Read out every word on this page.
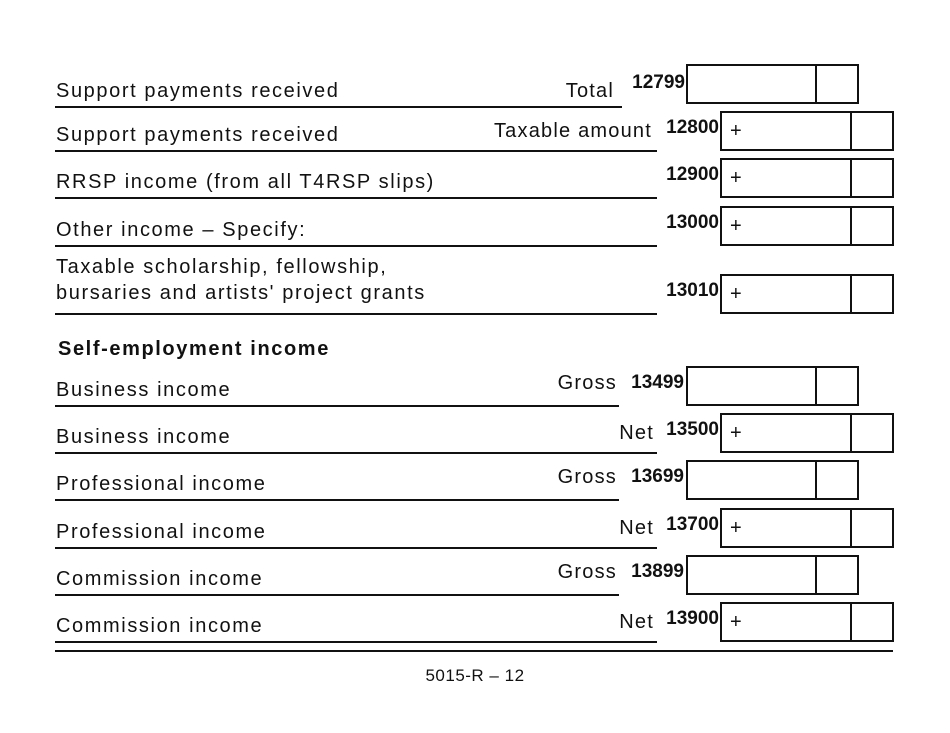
Support payments received	Total 12799
Support payments received	Taxable amount 12800 +
RRSP income (from all T4RSP slips)	12900 +
Other income – Specify:	13000 +
Taxable scholarship, fellowship,
bursaries and artists' project grants	13010 +
Business income	Gross 13499
Business income	Net 13500 +
Professional income	Gross 13699
Professional income	Net 13700 +
Commission income	Gross 13899
Commission income	Net 13900 +
Self-employment income
5015-R – 12
